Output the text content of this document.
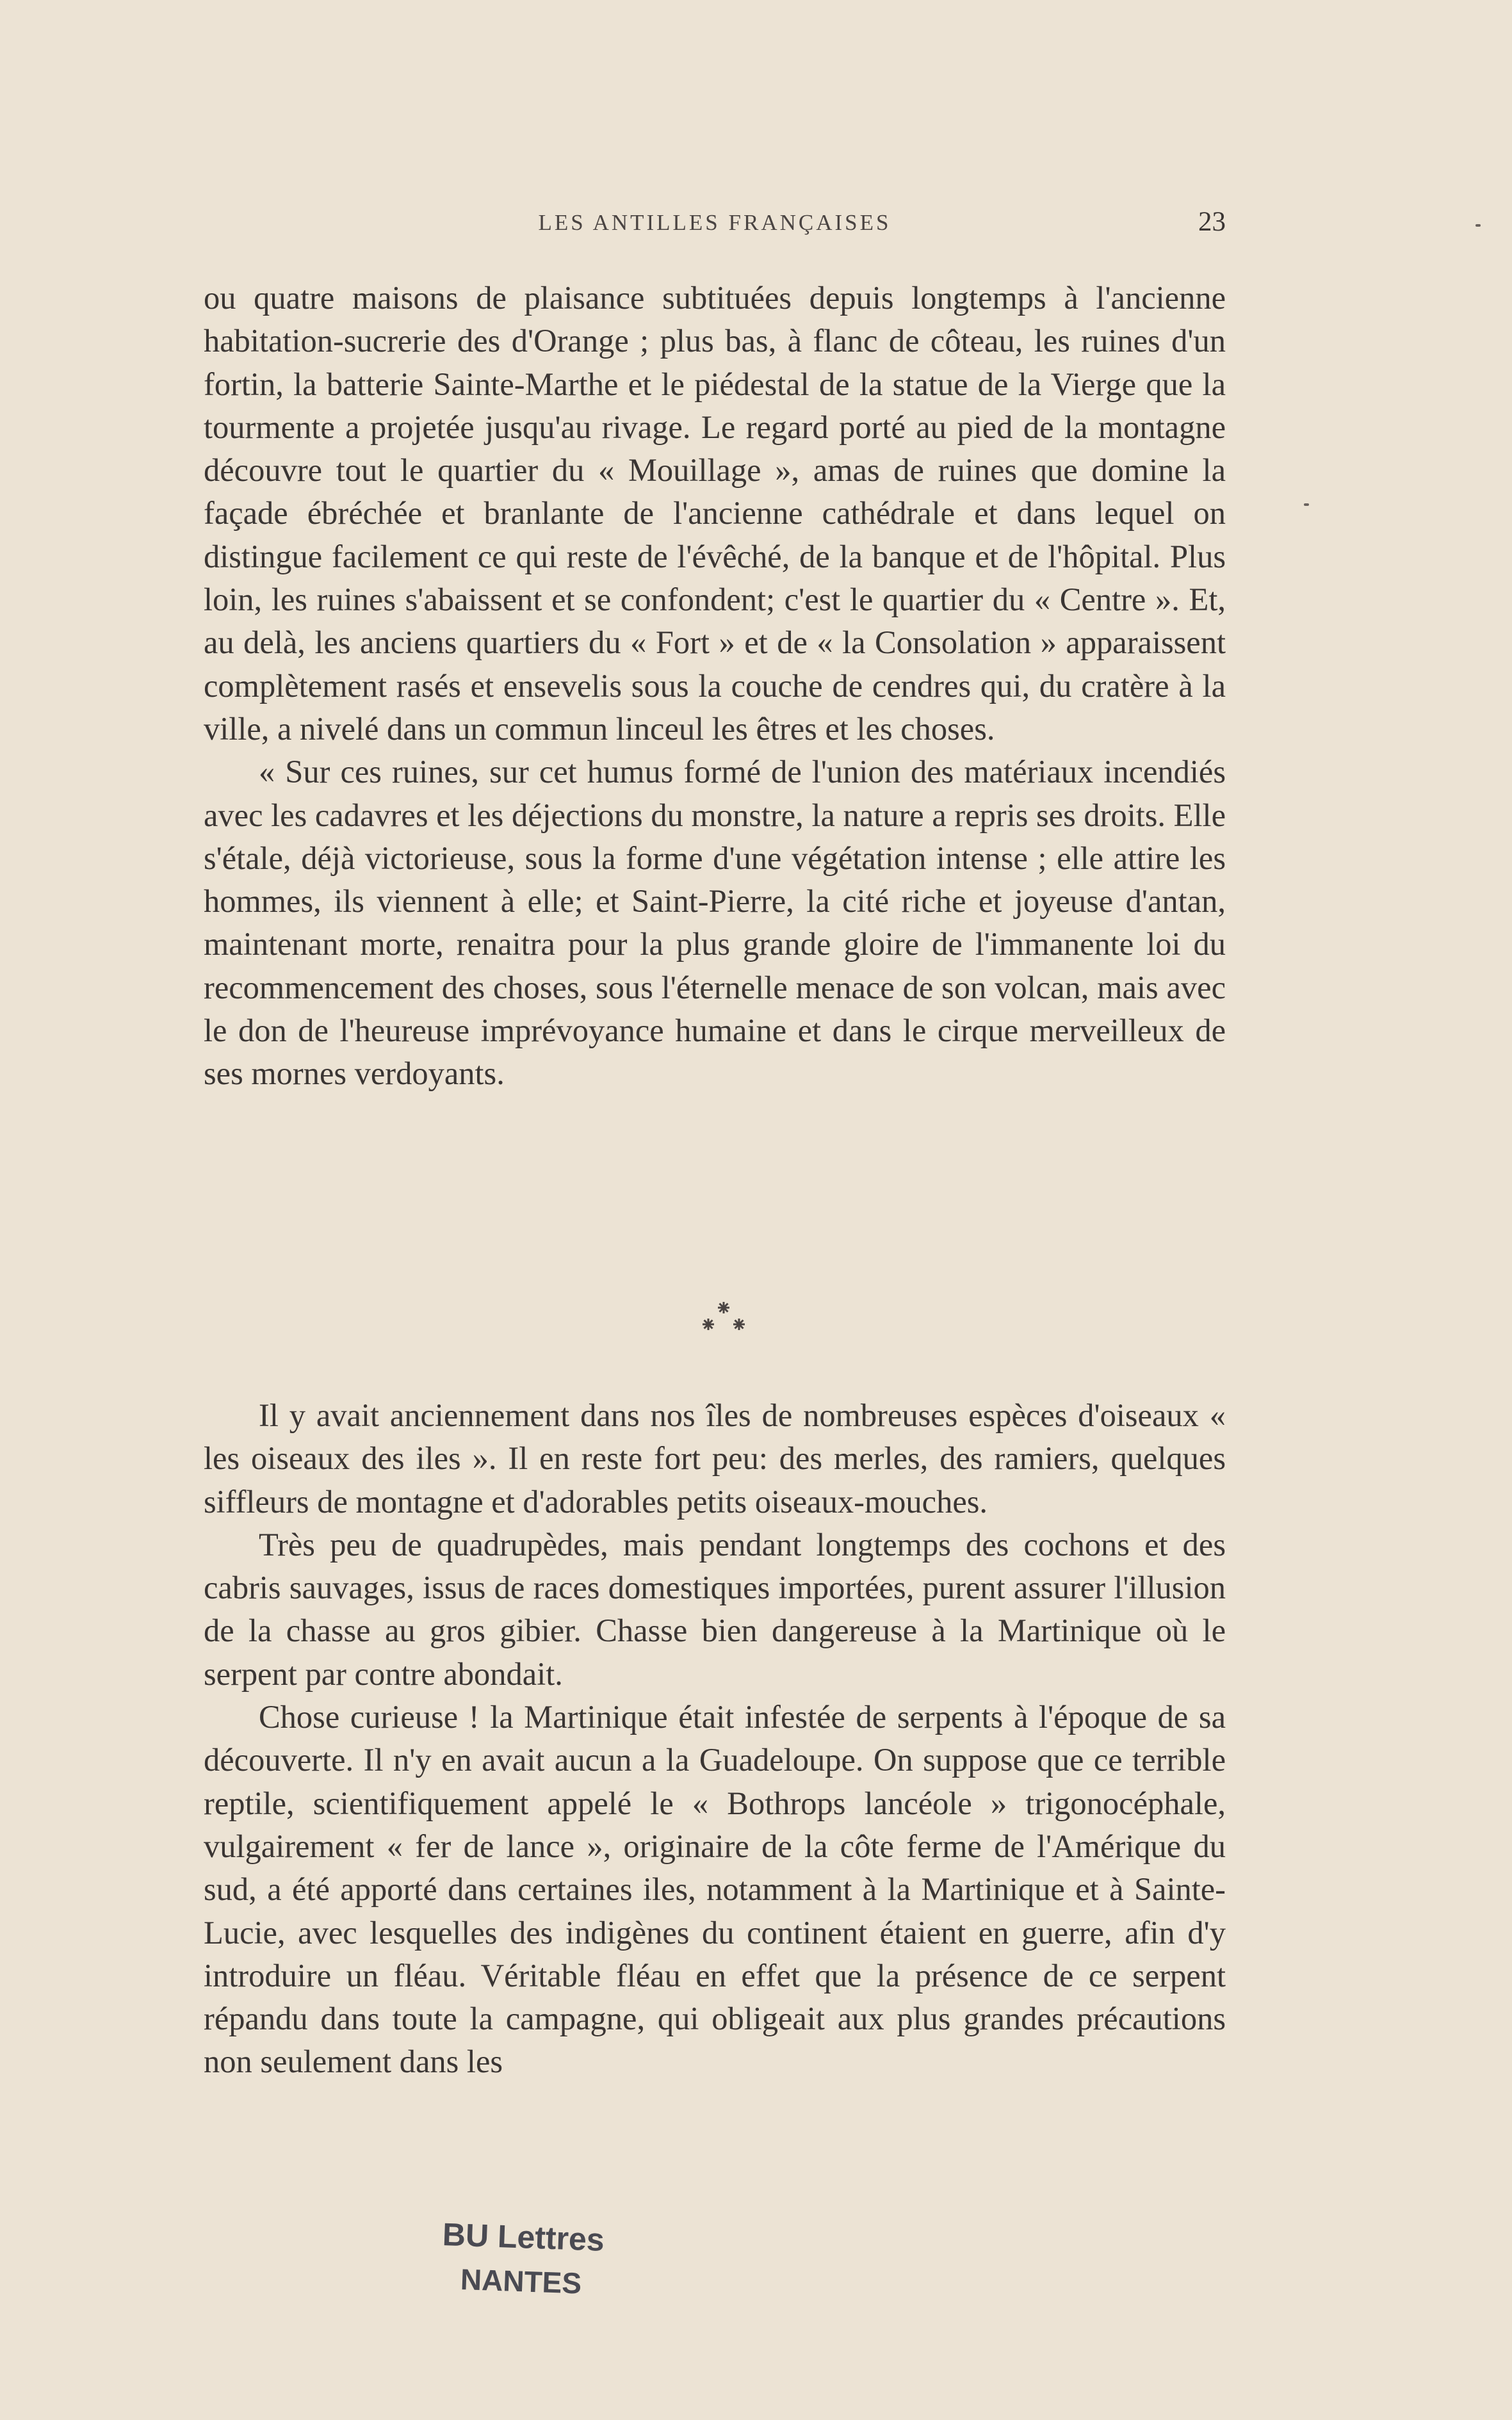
LES ANTILLES FRANÇAISES	23

ou quatre maisons de plaisance subtituées depuis longtemps à l'ancienne habitation-sucrerie des d'Orange ; plus bas, à flanc de côteau, les ruines d'un fortin, la batterie Sainte-Marthe et le piédestal de la statue de la Vierge que la tourmente a projetée jusqu'au rivage. Le regard porté au pied de la montagne découvre tout le quartier du « Mouillage », amas de ruines que domine la façade ébréchée et branlante de l'ancienne cathédrale et dans lequel on distingue facilement ce qui reste de l'évêché, de la banque et de l'hôpital. Plus loin, les ruines s'abaissent et se confondent; c'est le quartier du « Centre ». Et, au delà, les anciens quartiers du « Fort » et de « la Consolation » apparaissent complètement rasés et ensevelis sous la couche de cendres qui, du cratère à la ville, a nivelé dans un commun linceul les êtres et les choses.

« Sur ces ruines, sur cet humus formé de l'union des matériaux incendiés avec les cadavres et les déjections du monstre, la nature a repris ses droits. Elle s'étale, déjà victorieuse, sous la forme d'une végétation intense ; elle attire les hommes, ils viennent à elle; et Saint-Pierre, la cité riche et joyeuse d'antan, maintenant morte, renaitra pour la plus grande gloire de l'immanente loi du recommencement des choses, sous l'éternelle menace de son volcan, mais avec le don de l'heureuse imprévoyance humaine et dans le cirque merveilleux de ses mornes verdoyants.

Il y avait anciennement dans nos îles de nombreuses espèces d'oiseaux « les oiseaux des iles ». Il en reste fort peu: des merles, des ramiers, quelques siffleurs de montagne et d'adorables petits oiseaux-mouches.

Très peu de quadrupèdes, mais pendant longtemps des cochons et des cabris sauvages, issus de races domestiques importées, purent assurer l'illusion de la chasse au gros gibier. Chasse bien dangereuse à la Martinique où le serpent par contre abondait.

Chose curieuse ! la Martinique était infestée de serpents à l'époque de sa découverte. Il n'y en avait aucun a la Guadeloupe. On suppose que ce terrible reptile, scientifiquement appelé le « Bothrops lancéole » trigonocéphale, vulgairement « fer de lance », originaire de la côte ferme de l'Amérique du sud, a été apporté dans certaines iles, notamment à la Martinique et à Sainte-Lucie, avec lesquelles des indigènes du continent étaient en guerre, afin d'y introduire un fléau. Véritable fléau en effet que la présence de ce serpent répandu dans toute la campagne, qui obligeait aux plus grandes précautions non seulement dans les

BU Lettres
NANTES
